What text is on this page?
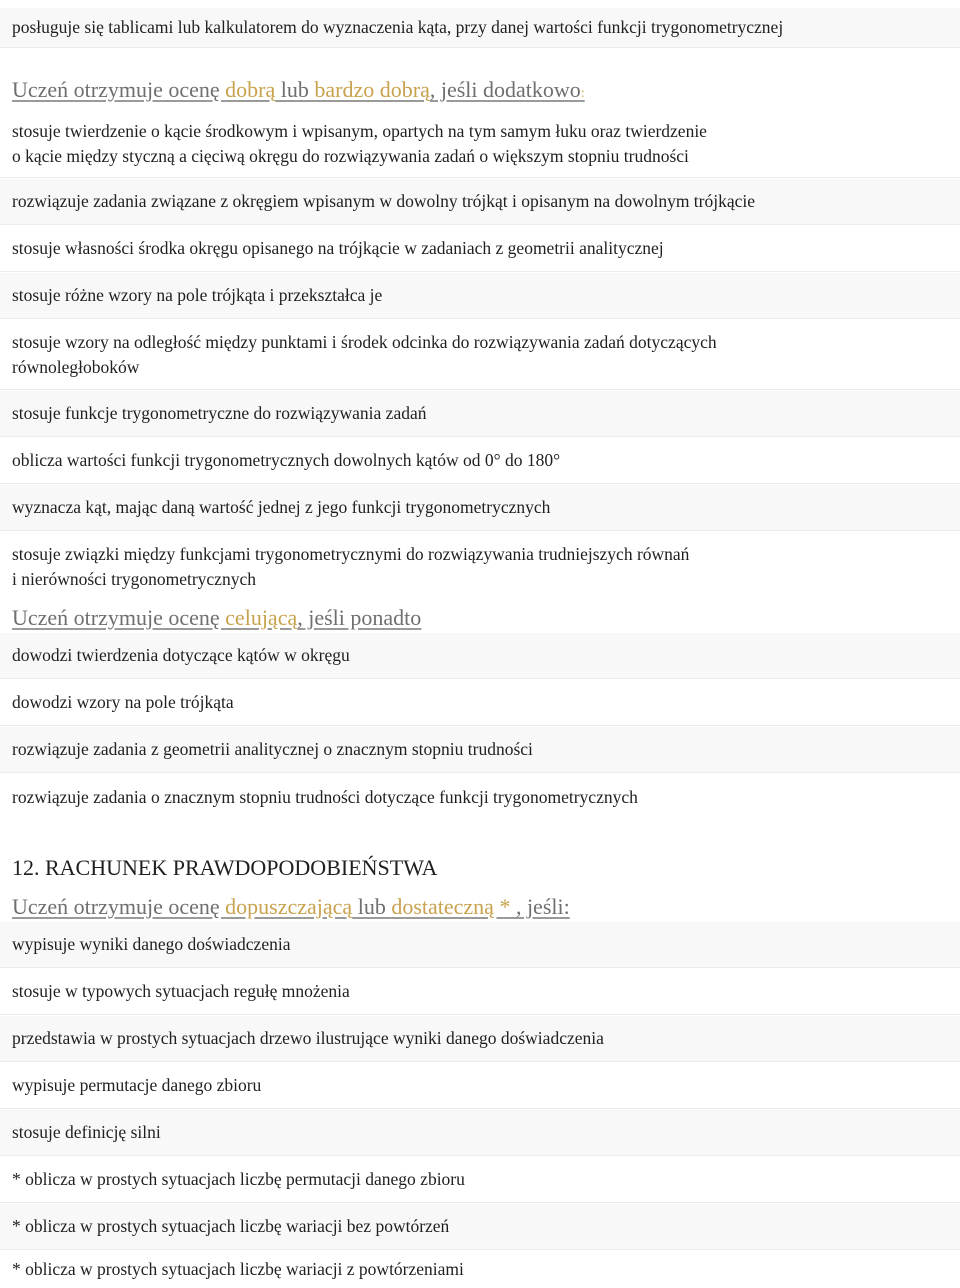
posługuje się tablicami lub kalkulatorem do wyznaczenia kąta, przy danej wartości funkcji trygonometrycznej
Uczeń otrzymuje ocenę dobrą lub bardzo dobrą, jeśli dodatkowo:
stosuje twierdzenie o kącie środkowym i wpisanym, opartych na tym samym łuku oraz twierdzenie
o kącie między styczną a cięciwą okręgu do rozwiązywania zadań o większym stopniu trudności
rozwiązuje zadania związane z okręgiem wpisanym w dowolny trójkąt i opisanym na dowolnym trójkącie
stosuje własności środka okręgu opisanego na trójkącie w zadaniach z geometrii analitycznej
stosuje różne wzory na pole trójkąta i przekształca je
stosuje wzory na odległość między punktami i środek odcinka do rozwiązywania zadań dotyczących
równoległoboków
stosuje funkcje trygonometryczne do rozwiązywania zadań
oblicza wartości funkcji trygonometrycznych dowolnych kątów od 0° do 180°
wyznacza kąt, mając daną wartość jednej z jego funkcji trygonometrycznych
stosuje związki między funkcjami trygonometrycznymi do rozwiązywania trudniejszych równań
i nierówności trygonometrycznych
Uczeń otrzymuje ocenę celującą, jeśli ponadto
dowodzi twierdzenia dotyczące kątów w okręgu
dowodzi wzory na pole trójkąta
rozwiązuje zadania z geometrii analitycznej o znacznym stopniu trudności
rozwiązuje zadania o znacznym stopniu trudności dotyczące funkcji trygonometrycznych
12. RACHUNEK PRAWDOPODOBIEŃSTWA
Uczeń otrzymuje ocenę dopuszczającą lub dostateczną * , jeśli:
wypisuje wyniki danego doświadczenia
stosuje w typowych sytuacjach regułę mnożenia
przedstawia w prostych sytuacjach drzewo ilustrujące wyniki danego doświadczenia
wypisuje permutacje danego zbioru
stosuje definicję silni
* oblicza w prostych sytuacjach liczbę permutacji danego zbioru
* oblicza w prostych sytuacjach liczbę wariacji bez powtórzeń
* oblicza w prostych sytuacjach liczbę wariacji z powtórzeniami
